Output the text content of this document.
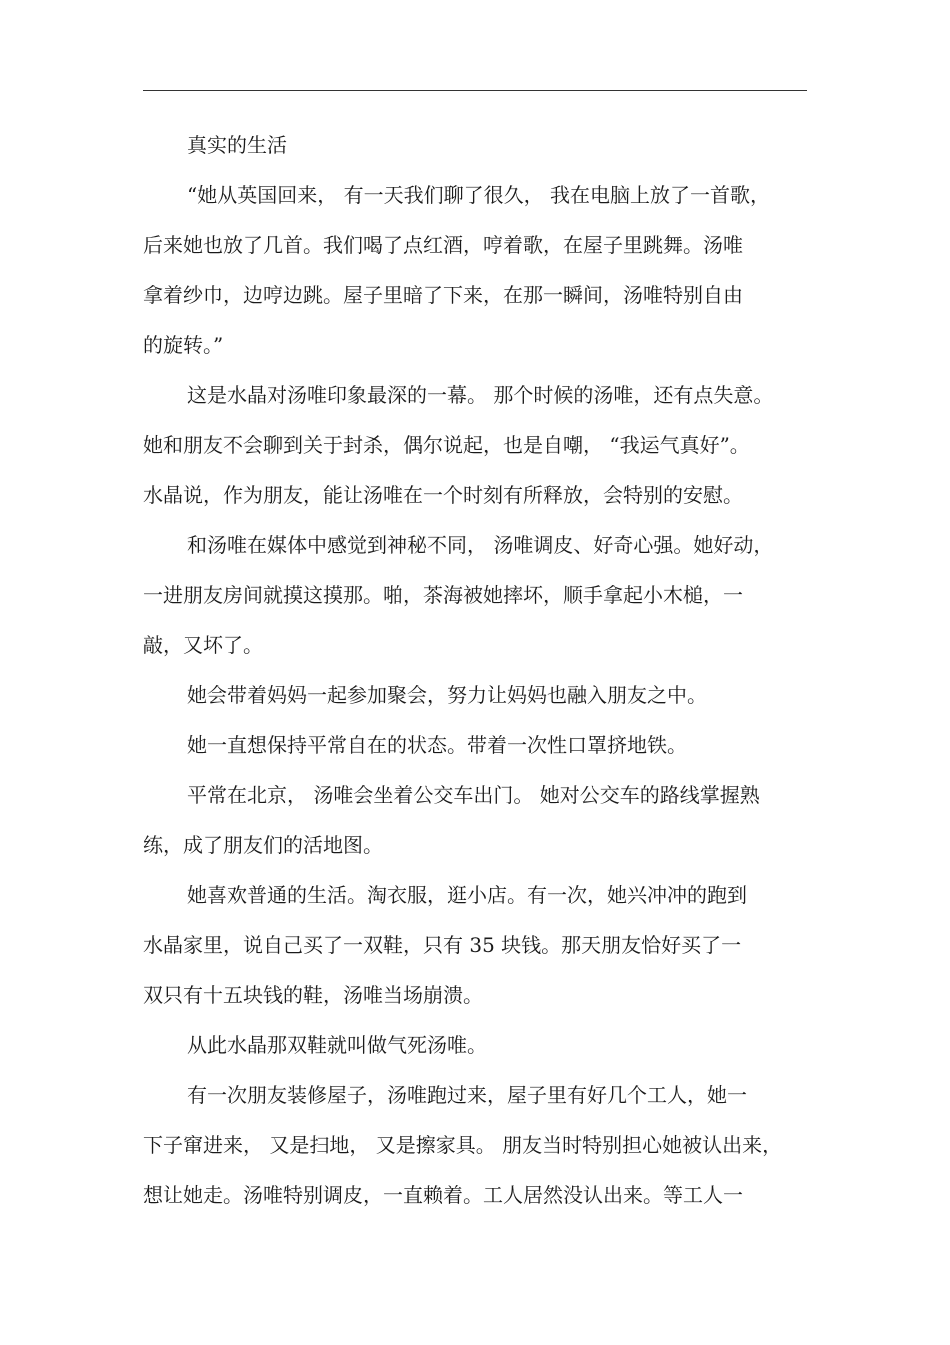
真实的生活
“她从英国回来， 有一天我们聊了很久， 我在电脑上放了一首歌，
后来她也放了几首。我们喝了点红酒，哼着歌，在屋子里跳舞。汤唯
拿着纱巾，边哼边跳。屋子里暗了下来，在那一瞬间，汤唯特别自由
的旋转。”
这是水晶对汤唯印象最深的一幕。 那个时候的汤唯，还有点失意。
她和朋友不会聊到关于封杀，偶尔说起，也是自嘲， “我运气真好”。
水晶说，作为朋友，能让汤唯在一个时刻有所释放，会特别的安慰。
和汤唯在媒体中感觉到神秘不同， 汤唯调皮、好奇心强。她好动，
一进朋友房间就摸这摸那。啪，茶海被她摔坏，顺手拿起小木槌，一
敲，又坏了。
她会带着妈妈一起参加聚会，努力让妈妈也融入朋友之中。
她一直想保持平常自在的状态。带着一次性口罩挤地铁。
平常在北京， 汤唯会坐着公交车出门。 她对公交车的路线掌握熟
练，成了朋友们的活地图。
她喜欢普通的生活。淘衣服，逛小店。有一次，她兴冲冲的跑到
水晶家里，说自己买了一双鞋，只有 35 块钱。那天朋友恰好买了一
双只有十五块钱的鞋，汤唯当场崩溃。
从此水晶那双鞋就叫做气死汤唯。
有一次朋友装修屋子，汤唯跑过来，屋子里有好几个工人，她一
下子窜进来， 又是扫地， 又是擦家具。 朋友当时特别担心她被认出来，
想让她走。汤唯特别调皮，一直赖着。工人居然没认出来。等工人一
